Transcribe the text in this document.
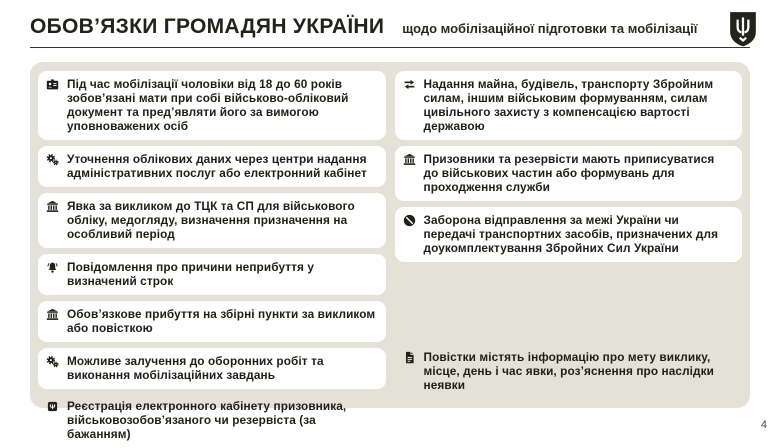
ОБОВ’ЯЗКИ ГРОМАДЯН УКРАЇНИ щодо мобілізаційної підготовки та мобілізації

Під час мобілізації чоловіки від 18 до 60 років зобов’язані мати при собі військово-обліковий документ та пред’являти його за вимогою уповноважених осіб

Уточнення облікових даних через центри надання адміністративних послуг або електронний кабінет

Явка за викликом до ТЦК та СП для військового обліку, медогляду, визначення призначення на особливий період

Повідомлення про причини неприбуття у визначений строк

Обов’язкове прибуття на збірні пункти за викликом або повісткою

Можливе залучення до оборонних робіт та виконання мобілізаційних завдань

Реєстрація електронного кабінету призовника, військовозобов’язаного чи резервіста (за бажанням)

Надання майна, будівель, транспорту Збройним силам, іншим військовим формуванням, силам цивільного захисту з компенсацією вартості державою

Призовники та резервісти мають приписуватися до військових частин або формувань для проходження служби

Заборона відправлення за межі України чи передачі транспортних засобів, призначених для доукомплектування Збройних Сил України

Повістки містять інформацію про мету виклику, місце, день і час явки, роз’яснення про наслідки неявки

4
